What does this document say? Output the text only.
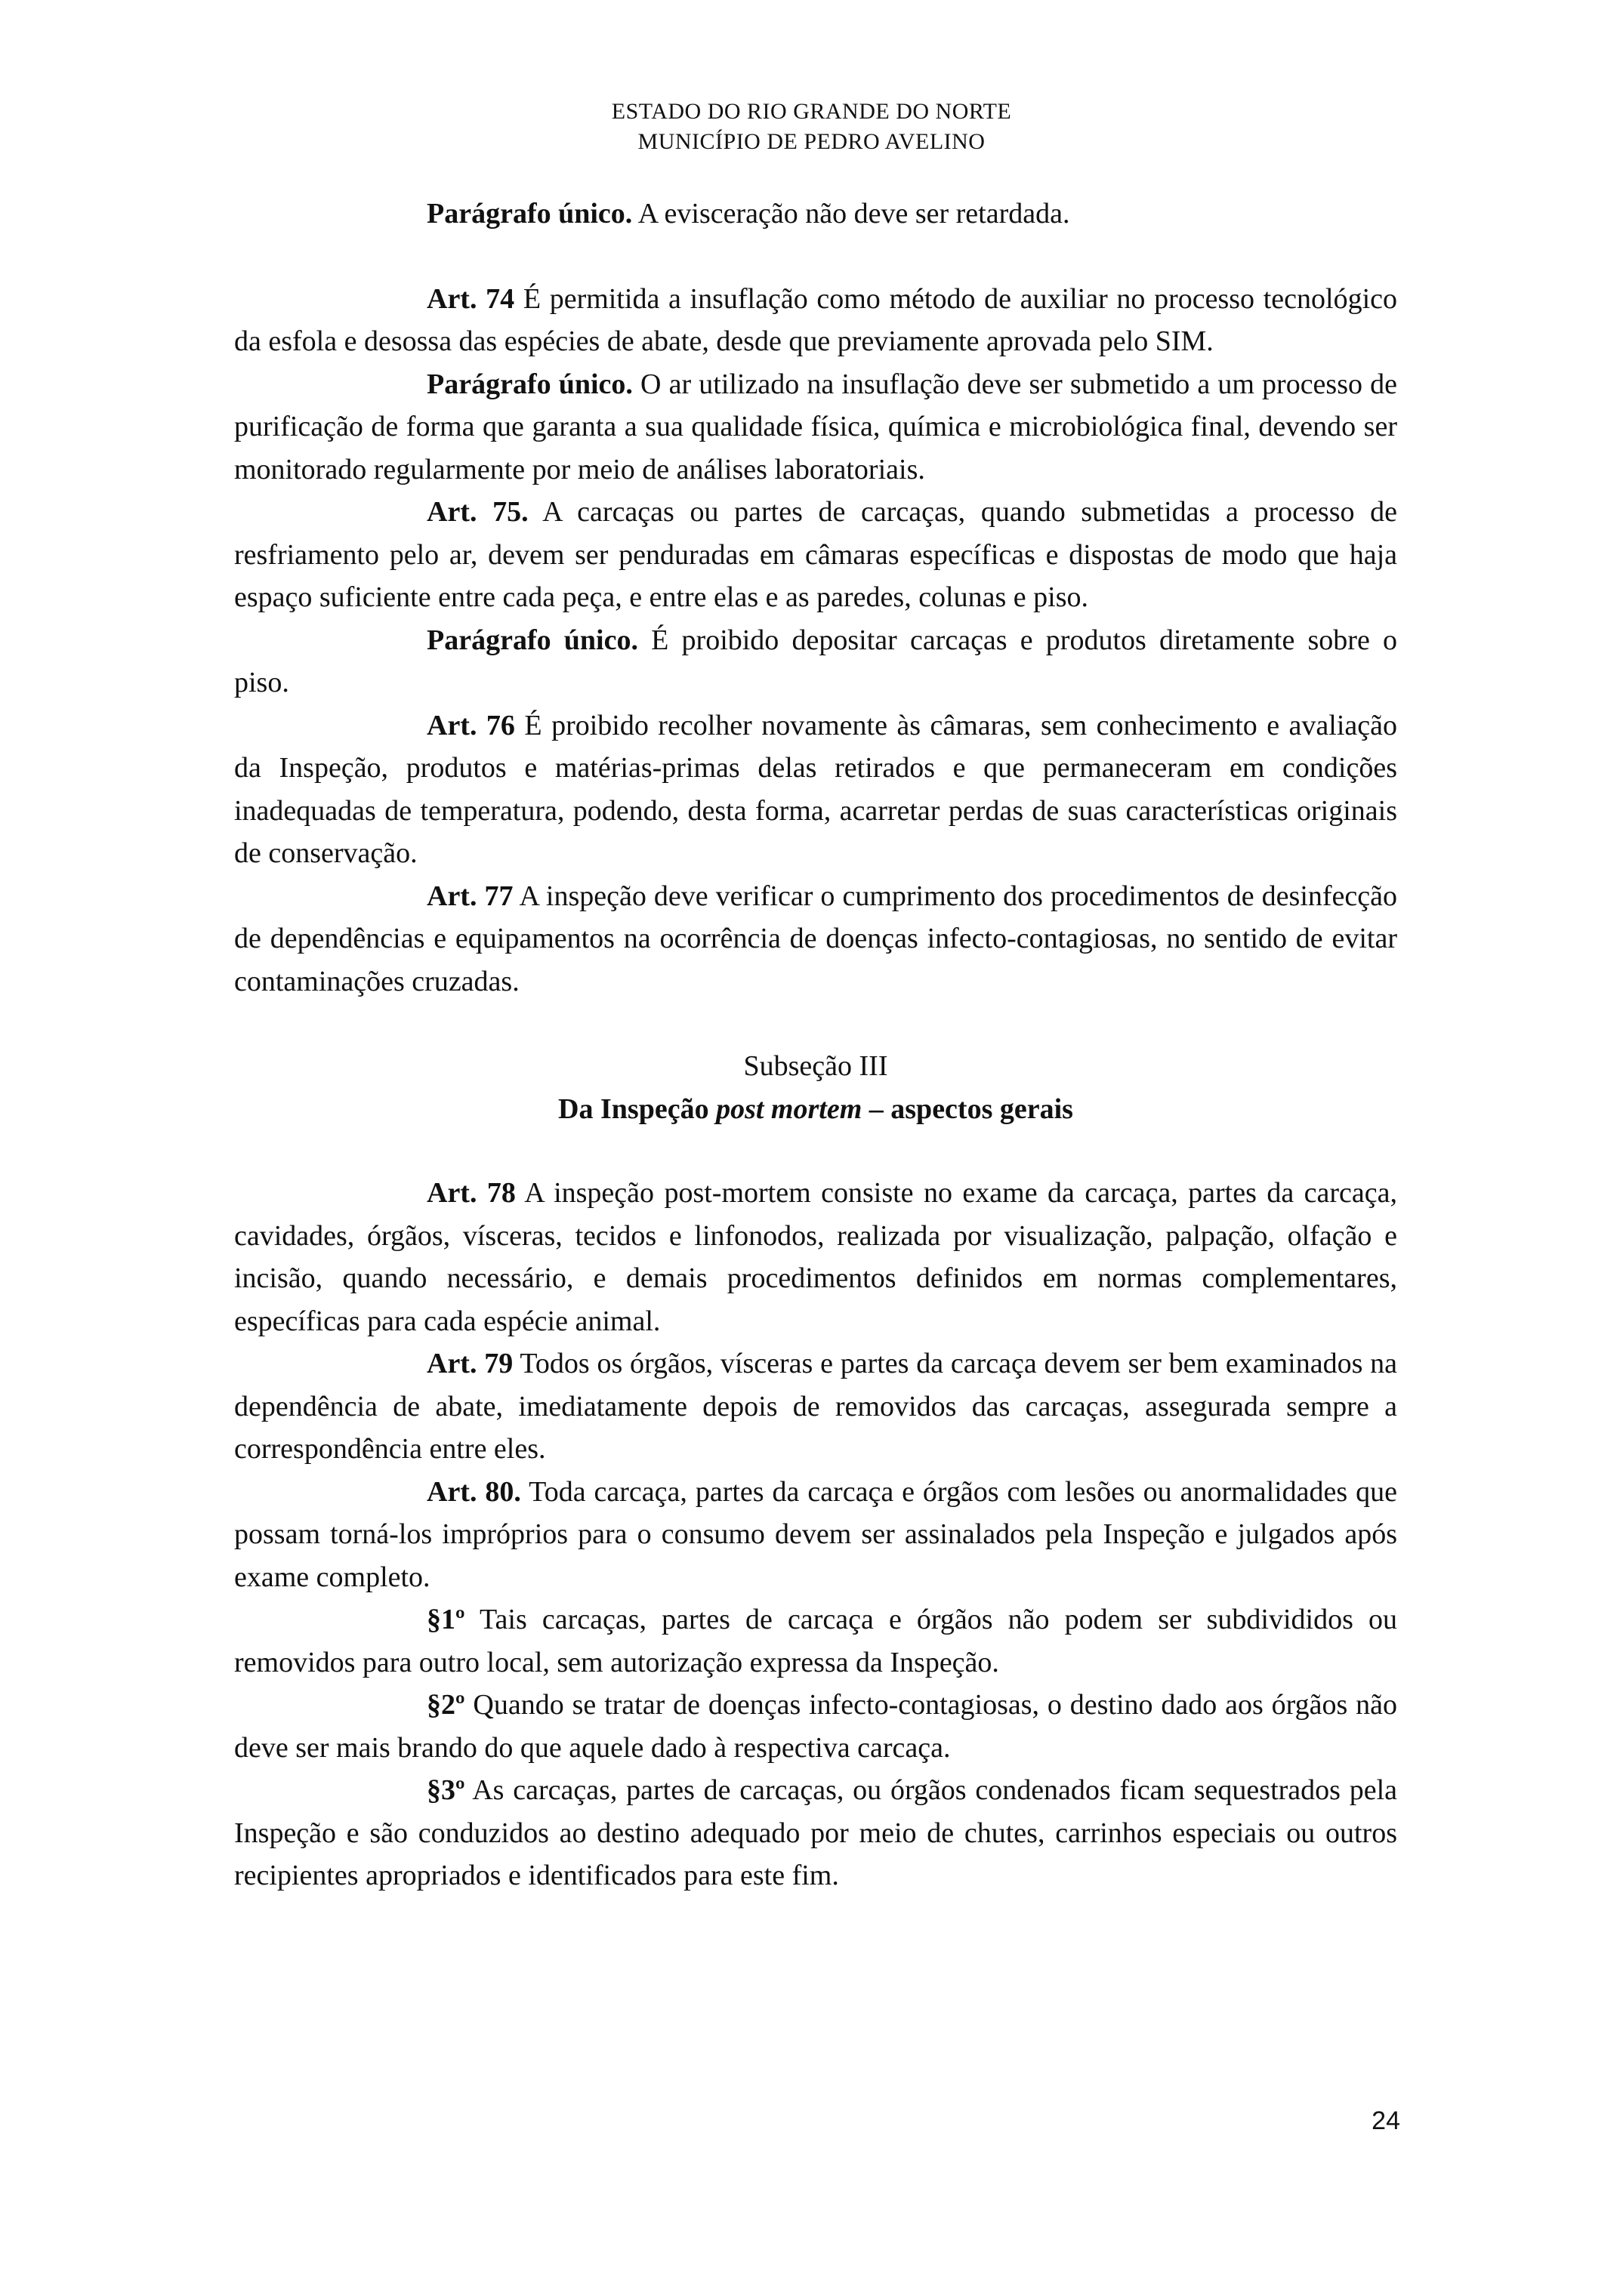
ESTADO DO RIO GRANDE DO NORTE
MUNICÍPIO DE PEDRO AVELINO

Parágrafo único. A evisceração não deve ser retardada.

Art. 74 É permitida a insuflação como método de auxiliar no processo tecnológico da esfola e desossa das espécies de abate, desde que previamente aprovada pelo SIM.

Parágrafo único. O ar utilizado na insuflação deve ser submetido a um processo de purificação de forma que garanta a sua qualidade física, química e microbiológica final, devendo ser monitorado regularmente por meio de análises laboratoriais.

Art. 75. A carcaças ou partes de carcaças, quando submetidas a processo de resfriamento pelo ar, devem ser penduradas em câmaras específicas e dispostas de modo que haja espaço suficiente entre cada peça, e entre elas e as paredes, colunas e piso.

Parágrafo único. É proibido depositar carcaças e produtos diretamente sobre o piso.

Art. 76 É proibido recolher novamente às câmaras, sem conhecimento e avaliação da Inspeção, produtos e matérias-primas delas retirados e que permaneceram em condições inadequadas de temperatura, podendo, desta forma, acarretar perdas de suas características originais de conservação.

Art. 77 A inspeção deve verificar o cumprimento dos procedimentos de desinfecção de dependências e equipamentos na ocorrência de doenças infecto-contagiosas, no sentido de evitar contaminações cruzadas.

Subseção III

Da Inspeção post mortem – aspectos gerais

Art. 78 A inspeção post-mortem consiste no exame da carcaça, partes da carcaça, cavidades, órgãos, vísceras, tecidos e linfonodos, realizada por visualização, palpação, olfação e incisão, quando necessário, e demais procedimentos definidos em normas complementares, específicas para cada espécie animal.

Art. 79 Todos os órgãos, vísceras e partes da carcaça devem ser bem examinados na dependência de abate, imediatamente depois de removidos das carcaças, assegurada sempre a correspondência entre eles.

Art. 80. Toda carcaça, partes da carcaça e órgãos com lesões ou anormalidades que possam torná-los impróprios para o consumo devem ser assinalados pela Inspeção e julgados após exame completo.

§1º Tais carcaças, partes de carcaça e órgãos não podem ser subdivididos ou removidos para outro local, sem autorização expressa da Inspeção.

§2º Quando se tratar de doenças infecto-contagiosas, o destino dado aos órgãos não deve ser mais brando do que aquele dado à respectiva carcaça.

§3º As carcaças, partes de carcaças, ou órgãos condenados ficam sequestrados pela Inspeção e são conduzidos ao destino adequado por meio de chutes, carrinhos especiais ou outros recipientes apropriados e identificados para este fim.

24
